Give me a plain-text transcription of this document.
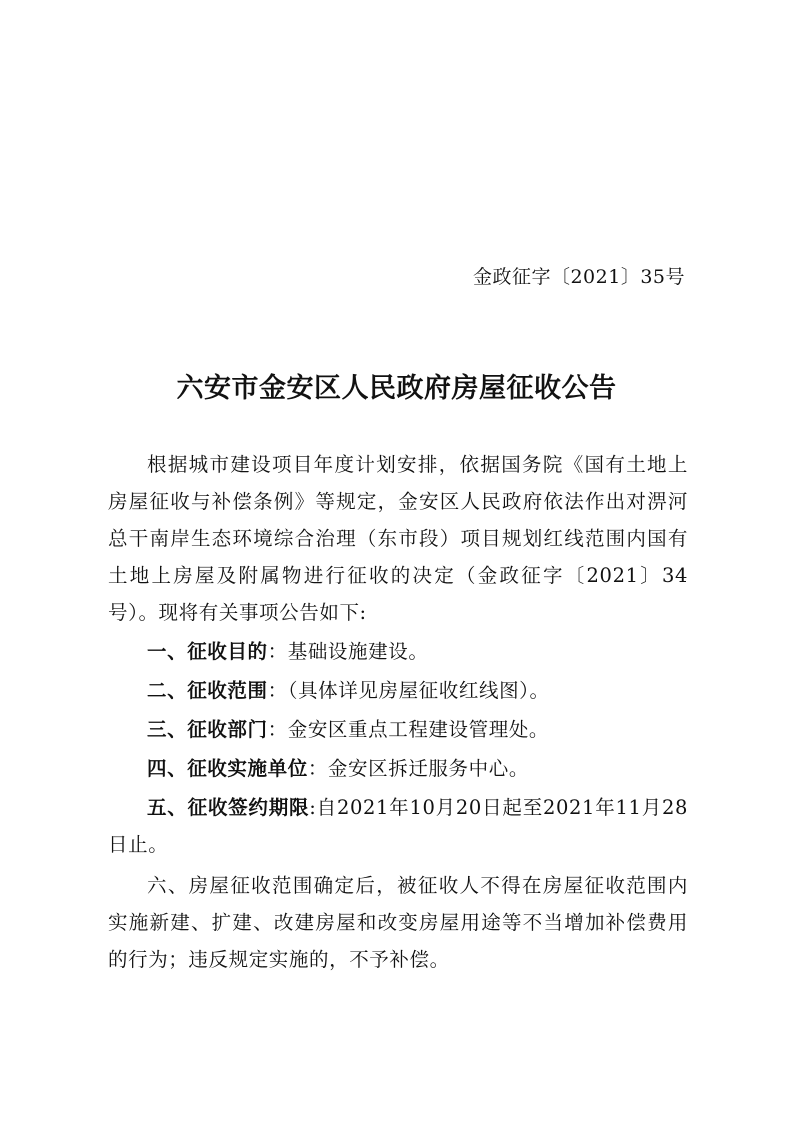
金政征字〔2021〕35号
六安市金安区人民政府房屋征收公告

根据城市建设项目年度计划安排，依据国务院《国有土地上房屋征收与补偿条例》等规定，金安区人民政府依法作出对淠河总干南岸生态环境综合治理（东市段）项目规划红线范围内国有土地上房屋及附属物进行征收的决定（金政征字〔2021〕34号）。现将有关事项公告如下:

一、征收目的：基础设施建设。

二、征收范围：（具体详见房屋征收红线图）。

三、征收部门：金安区重点工程建设管理处。

四、征收实施单位：金安区拆迁服务中心。

五、征收签约期限:自2021年10月20日起至2021年11月28日止。

六、房屋征收范围确定后，被征收人不得在房屋征收范围内实施新建、扩建、改建房屋和改变房屋用途等不当增加补偿费用的行为；违反规定实施的，不予补偿。
